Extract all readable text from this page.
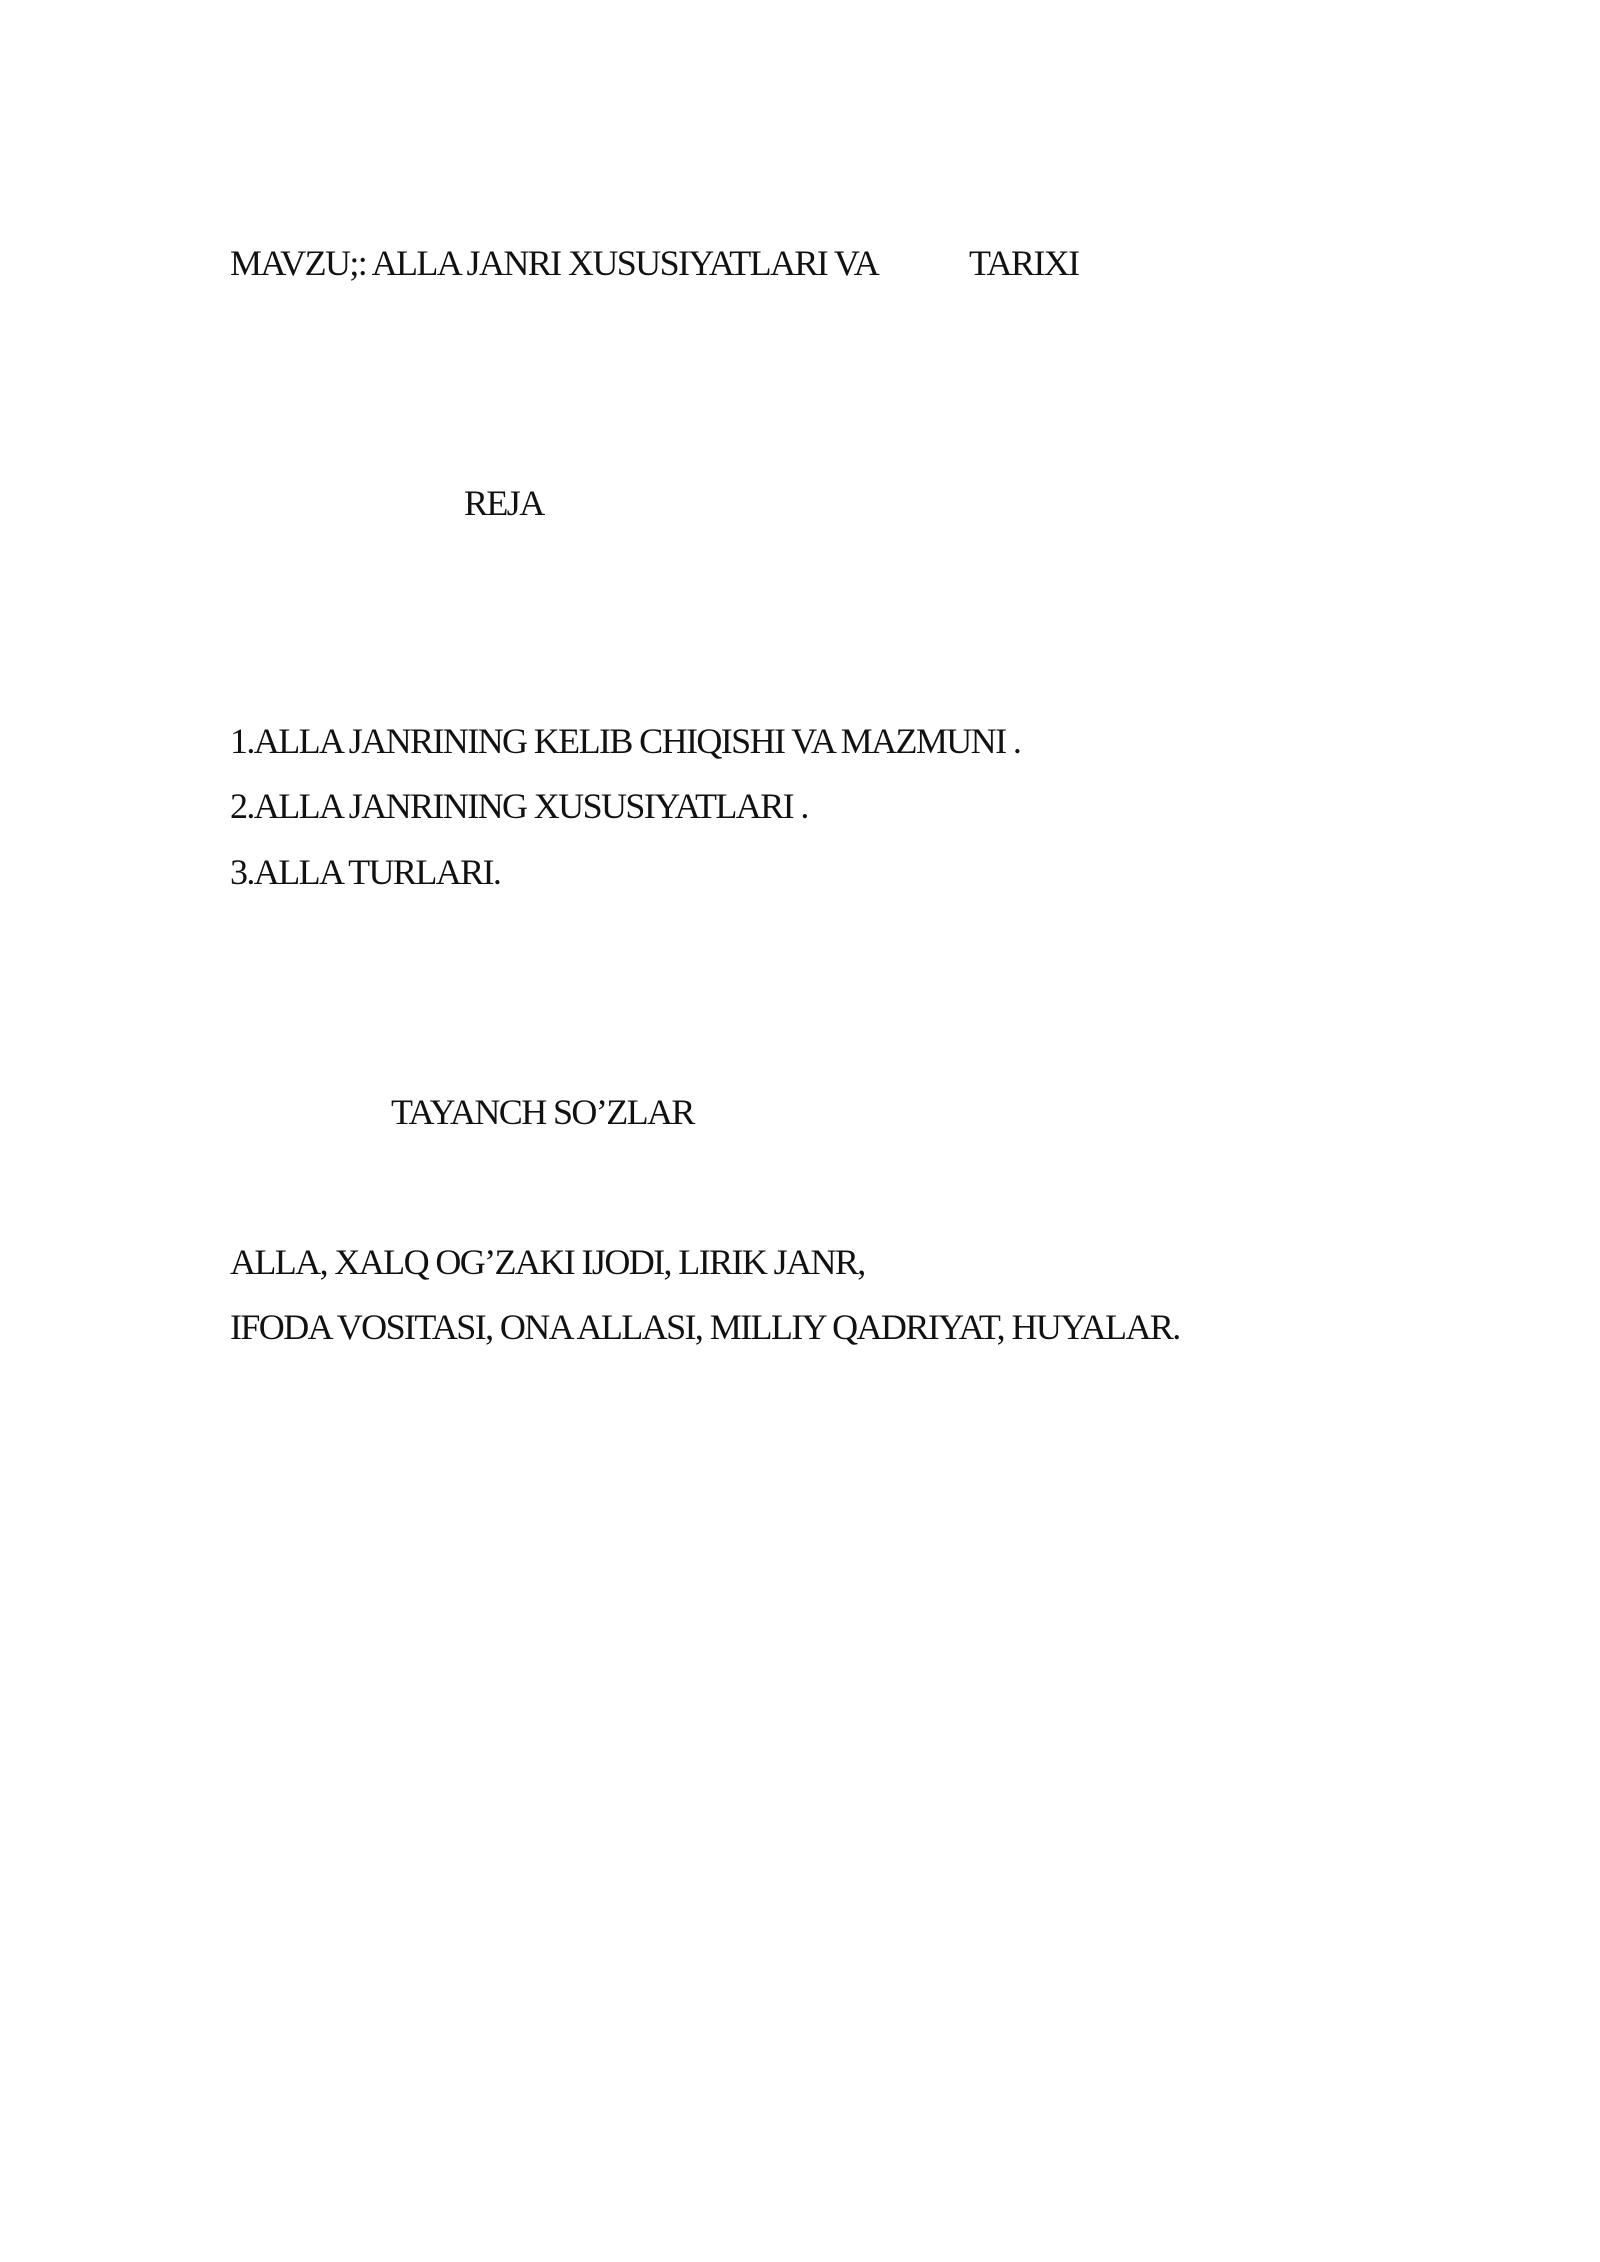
MAVZU;: ALLA JANRI XUSUSIYATLARI VA	TARIXI
REJA
1.ALLA JANRINING KELIB CHIQISHI VA MAZMUNI .
2.ALLA JANRINING XUSUSIYATLARI .
3.ALLA TURLARI.
TAYANCH SO’ZLAR

ALLA, XALQ OG’ZAKI IJODI, LIRIK JANR,

IFODA VOSITASI, ONA ALLASI, MILLIY QADRIYAT, HUYALAR.
